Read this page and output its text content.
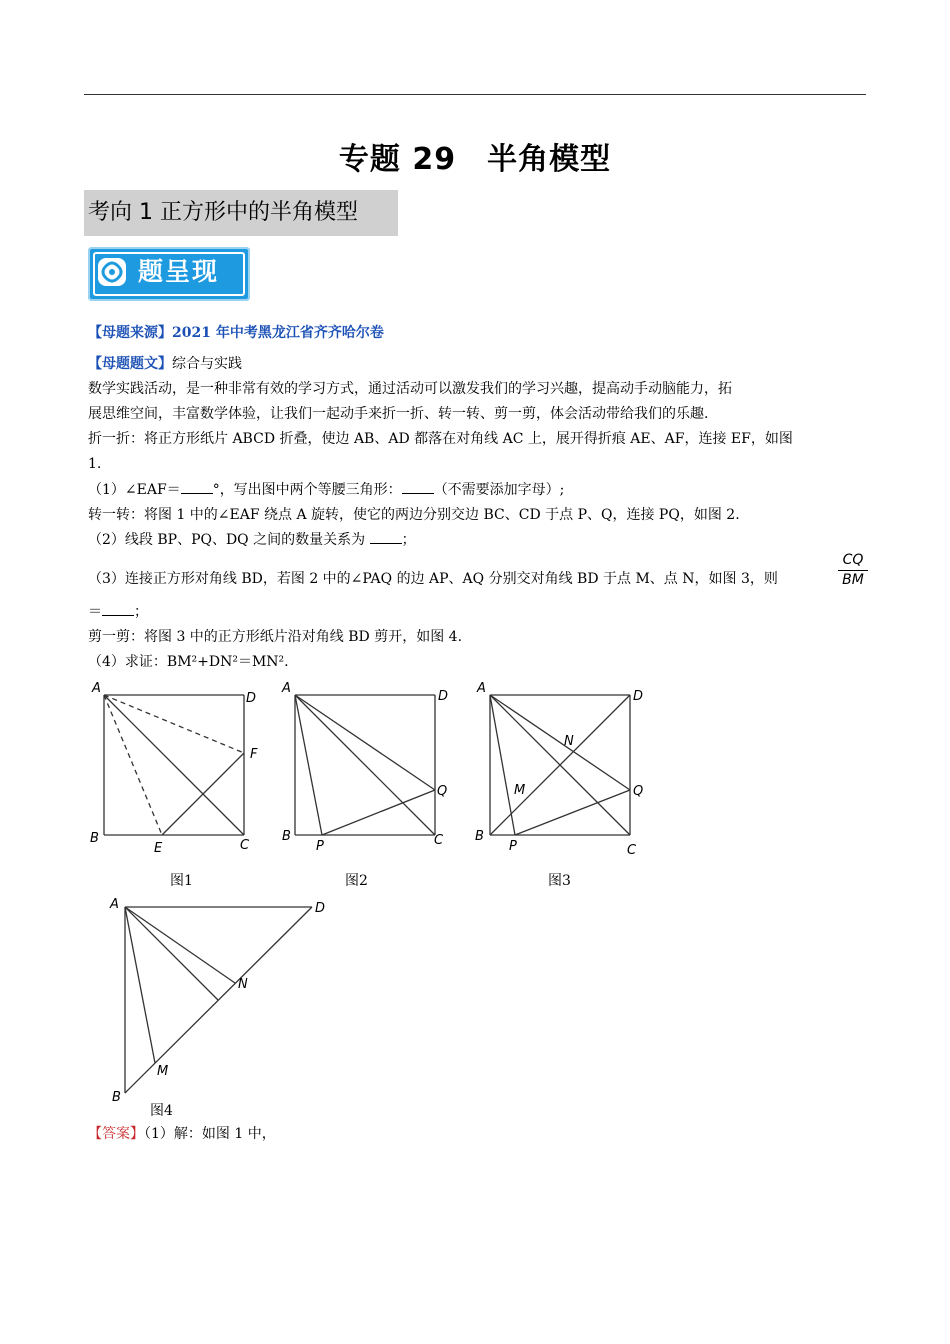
专题 29　半角模型
考向 1 正方形中的半角模型
题呈现
【母题来源】2021 年中考黑龙江省齐齐哈尔卷
【母题题文】综合与实践
数学实践活动，是一种非常有效的学习方式，通过活动可以激发我们的学习兴趣，提高动手动脑能力，拓
展思维空间，丰富数学体验，让我们一起动手来折一折、转一转、剪一剪，体会活动带给我们的乐趣.
折一折：将正方形纸片 ABCD 折叠，使边 AB、AD 都落在对角线 AC 上，展开得折痕 AE、AF，连接 EF，如图
1.
（1）∠EAF＝ °，写出图中两个等腰三角形： （不需要添加字母）;
转一转：将图 1 中的∠EAF 绕点 A 旋转，使它的两边分别交边 BC、CD 于点 P、Q，连接 PQ，如图 2.
（2）线段 BP、PQ、DQ 之间的数量关系为 ；
（3）连接正方形对角线 BD，若图 2 中的∠PAQ 的边 AP、AQ 分别交对角线 BD 于点 M、点 N，如图 3，则
CQ
BM
＝ ；
剪一剪：将图 3 中的正方形纸片沿对角线 BD 剪开，如图 4.
（4）求证：BM²+DN²＝MN².
A
D
F
B
E	C
图1
A
D
Q
B
P	C
图2
A
D
N
M	Q
B
P	C
图3
A	D
N
M
B
图4
【答案】（1）解：如图 1 中，
